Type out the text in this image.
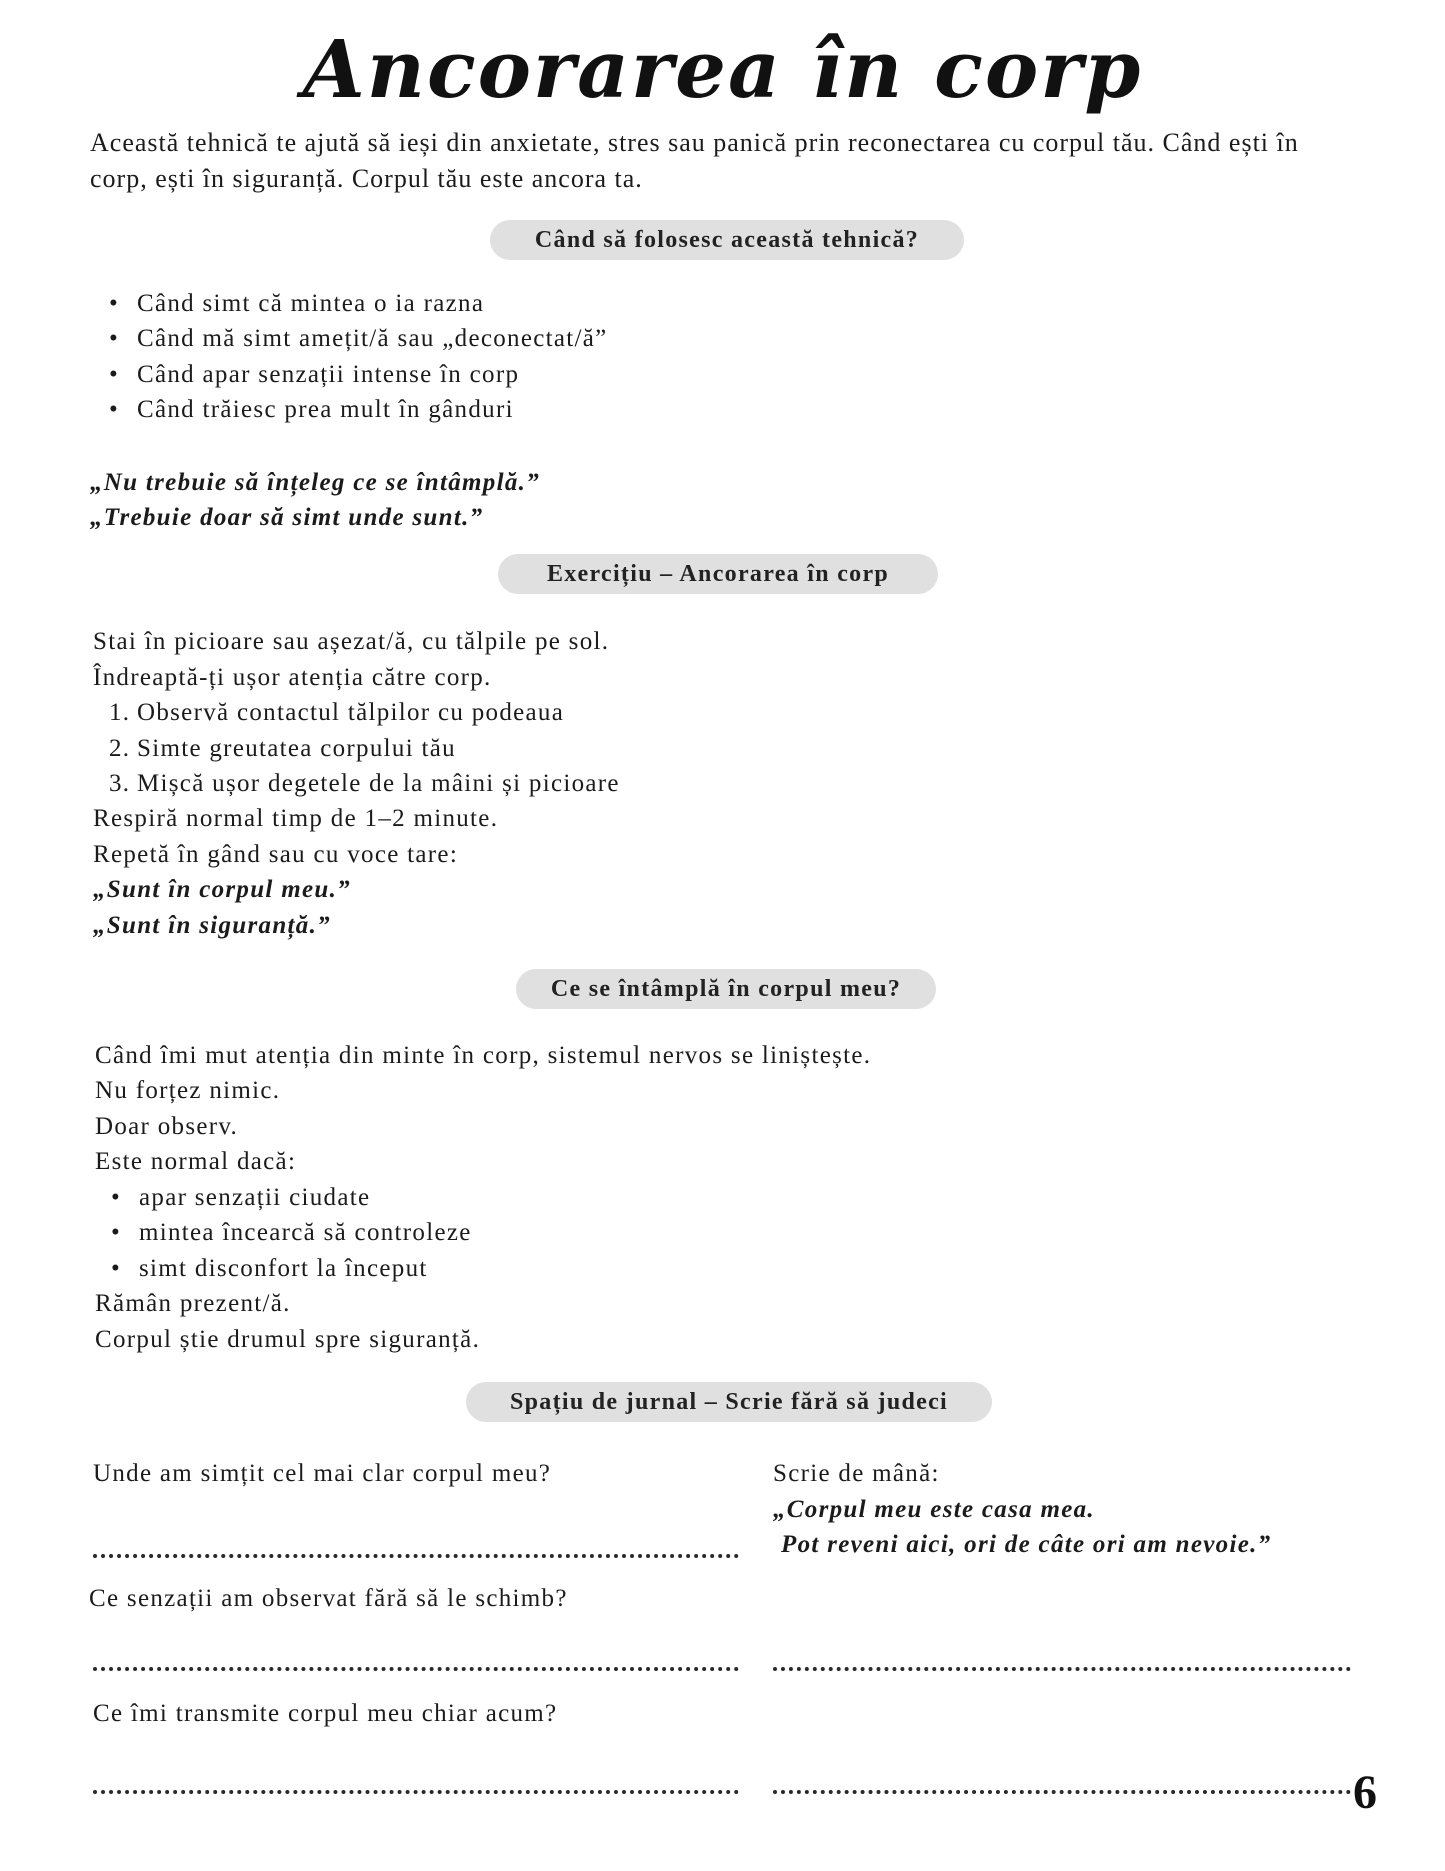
Ancorarea în corp

Această tehnică te ajută să ieși din anxietate, stres sau panică prin reconectarea cu corpul tău. Când ești în corp, ești în siguranță. Corpul tău este ancora ta.

Când să folosesc această tehnică?
• Când simt că mintea o ia razna
• Când mă simt amețit/ă sau „deconectat/ă”
• Când apar senzații intense în corp
• Când trăiesc prea mult în gânduri
„Nu trebuie să înțeleg ce se întâmplă.”
„Trebuie doar să simt unde sunt.”
Exercițiu – Ancorarea în corp
Stai în picioare sau așezat/ă, cu tălpile pe sol.
Îndreaptă-ți ușor atenția către corp.
1. Observă contactul tălpilor cu podeaua
2. Simte greutatea corpului tău
3. Mișcă ușor degetele de la mâini și picioare
Respiră normal timp de 1–2 minute.
Repetă în gând sau cu voce tare:
„Sunt în corpul meu.”
„Sunt în siguranță.”
Ce se întâmplă în corpul meu?
Când îmi mut atenția din minte în corp, sistemul nervos se liniștește.
Nu forțez nimic.
Doar observ.
Este normal dacă:
• apar senzații ciudate
• mintea încearcă să controleze
• simt disconfort la început
Rămân prezent/ă.
Corpul știe drumul spre siguranță.
Spațiu de jurnal – Scrie fără să judeci
Unde am simțit cel mai clar corpul meu?
Ce senzații am observat fără să le schimb?
Ce îmi transmite corpul meu chiar acum?
Scrie de mână:
„Corpul meu este casa mea.
Pot reveni aici, ori de câte ori am nevoie.”
6
